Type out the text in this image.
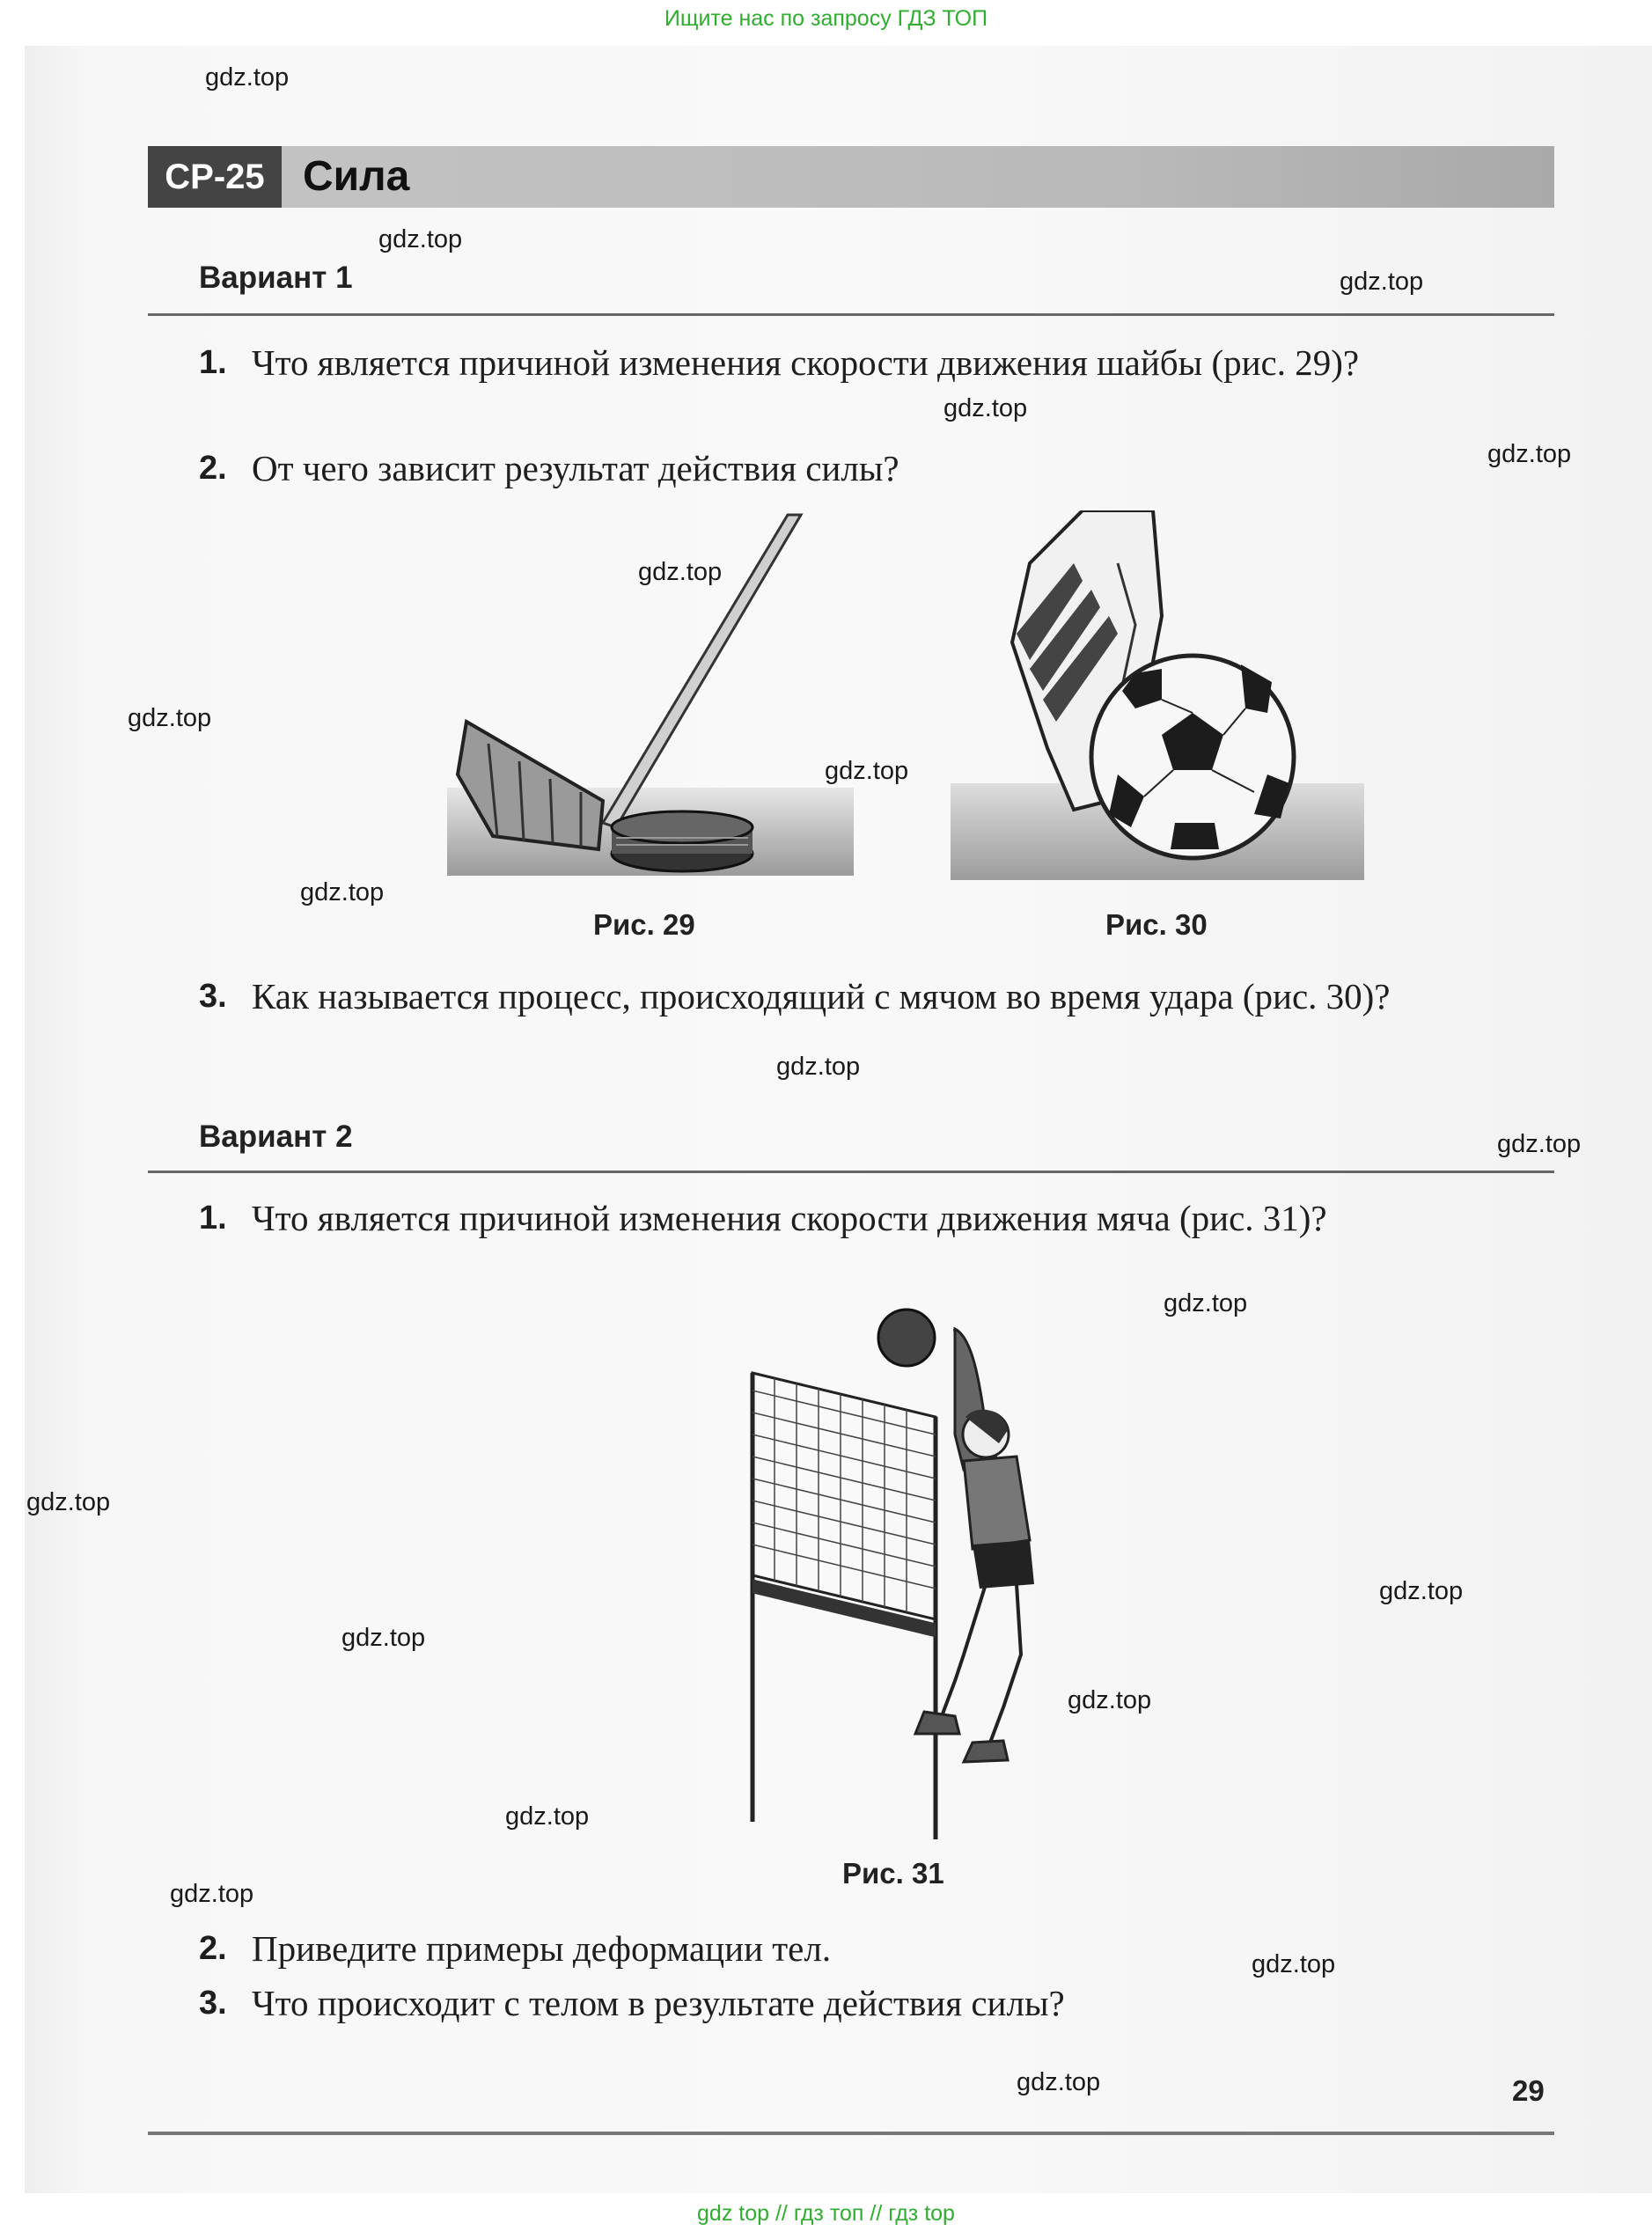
Ищите нас по запросу ГДЗ ТОП
gdz.top
gdz.top
gdz.top
gdz.top
gdz.top
gdz.top
gdz.top
gdz.top
gdz.top
gdz.top
gdz.top
gdz.top
gdz.top
gdz.top
gdz.top
gdz.top
gdz.top
gdz.top
gdz.top
gdz.top
СР-25 Сила
Вариант 1
1. Что является причиной изменения скорости движения шайбы (рис. 29)?
2. От чего зависит результат действия силы?
Рис. 29	Рис. 30
3. Как называется процесс, происходящий с мячом во время удара (рис. 30)?
Вариант 2
1. Что является причиной изменения скорости движения мяча (рис. 31)?
Рис. 31
2. Приведите примеры деформации тел.
3. Что происходит с телом в результате действия силы?
29
gdz top // гдз топ // гдз top
